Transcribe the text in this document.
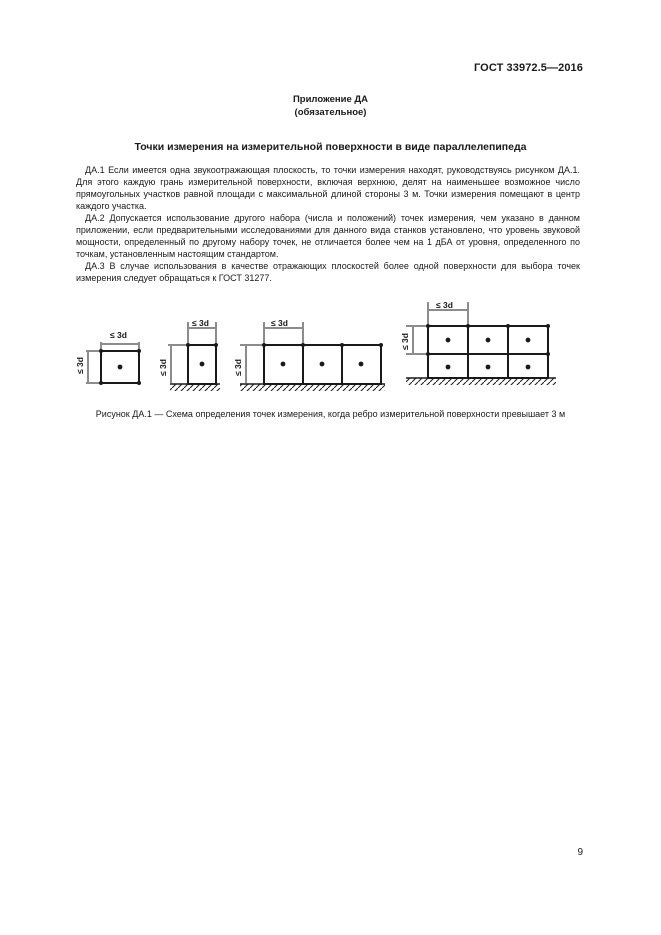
ГОСТ 33972.5—2016
Приложение ДА
(обязательное)
Точки измерения на измерительной поверхности в виде параллелепипеда

 ДА.1 Если имеется одна звукоотражающая плоскость, то точки измерения находят, руководствуясь рисунком ДА.1. Для этого каждую грань измерительной поверхности, включая верхнюю, делят на наименьшее возможное число прямоугольных участков равной площади с максимальной длиной стороны 3 м. Точки измерения помещают в центр каждого участка.

 ДА.2 Допускается использование другого набора (числа и положений) точек измерения, чем указано в данном приложении, если предварительными исследованиями для данного вида станков установлено, что уровень звуковой мощности, определенный по другому набору точек, не отличается более чем на 1 дБА от уровня, определенного по точкам, установленным настоящим стандартом.

 ДА.3 В случае использования в качестве отражающих плоскостей более одной поверхности для выбора точек измерения следует обращаться к ГОСТ 31277.

≤ 3d
≤ 3d
≤ 3d
≤ 3d
≤ 3d
≤ 3d
≤ 3d
≤ 3d
Рисунок ДА.1 — Схема определения точек измерения, когда ребро измерительной поверхности превышает 3 м
9
